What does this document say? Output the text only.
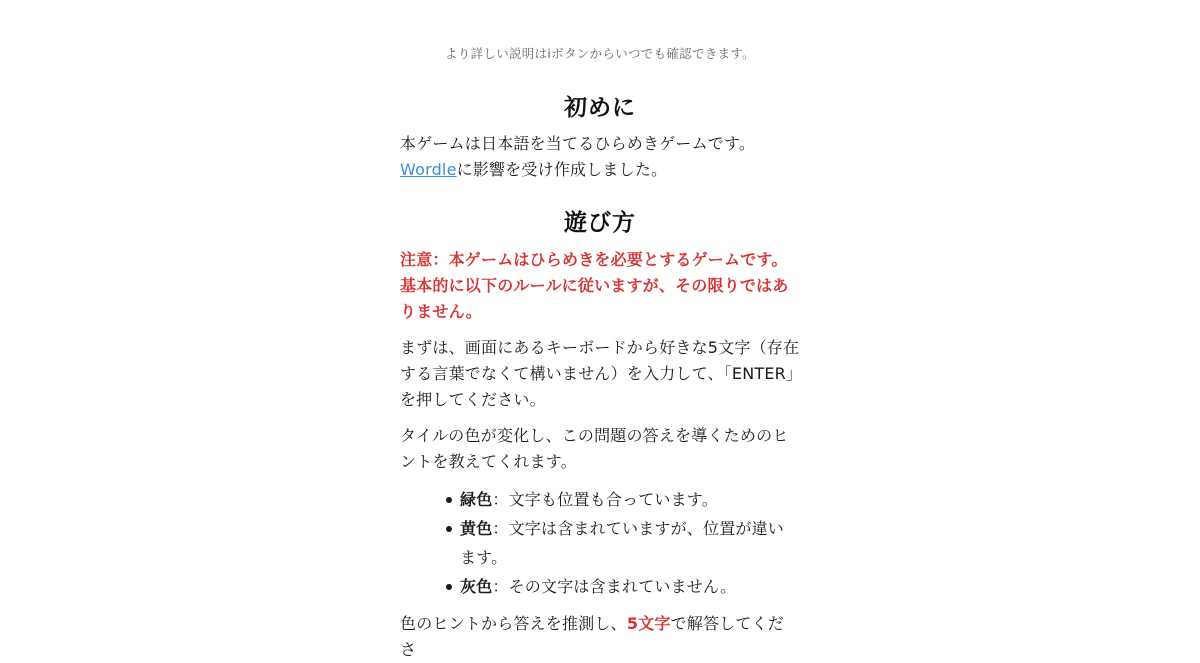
より詳しい説明はiボタンからいつでも確認できます。
初めに

本ゲームは日本語を当てるひらめきゲームです。Wordleに影響を受け作成しました。

遊び方

注意：本ゲームはひらめきを必要とするゲームです。基本的に以下のルールに従いますが、その限りではありません。

まずは、画面にあるキーボードから好きな5文字（存在する言葉でなくて構いません）を入力して、「ENTER」を押してください。

タイルの色が変化し、この問題の答えを導くためのヒントを教えてくれます。

緑色：文字も位置も合っています。
黄色：文字は含まれていますが、位置が違います。
灰色：その文字は含まれていません。

色のヒントから答えを推測し、5文字で解答してくださ
